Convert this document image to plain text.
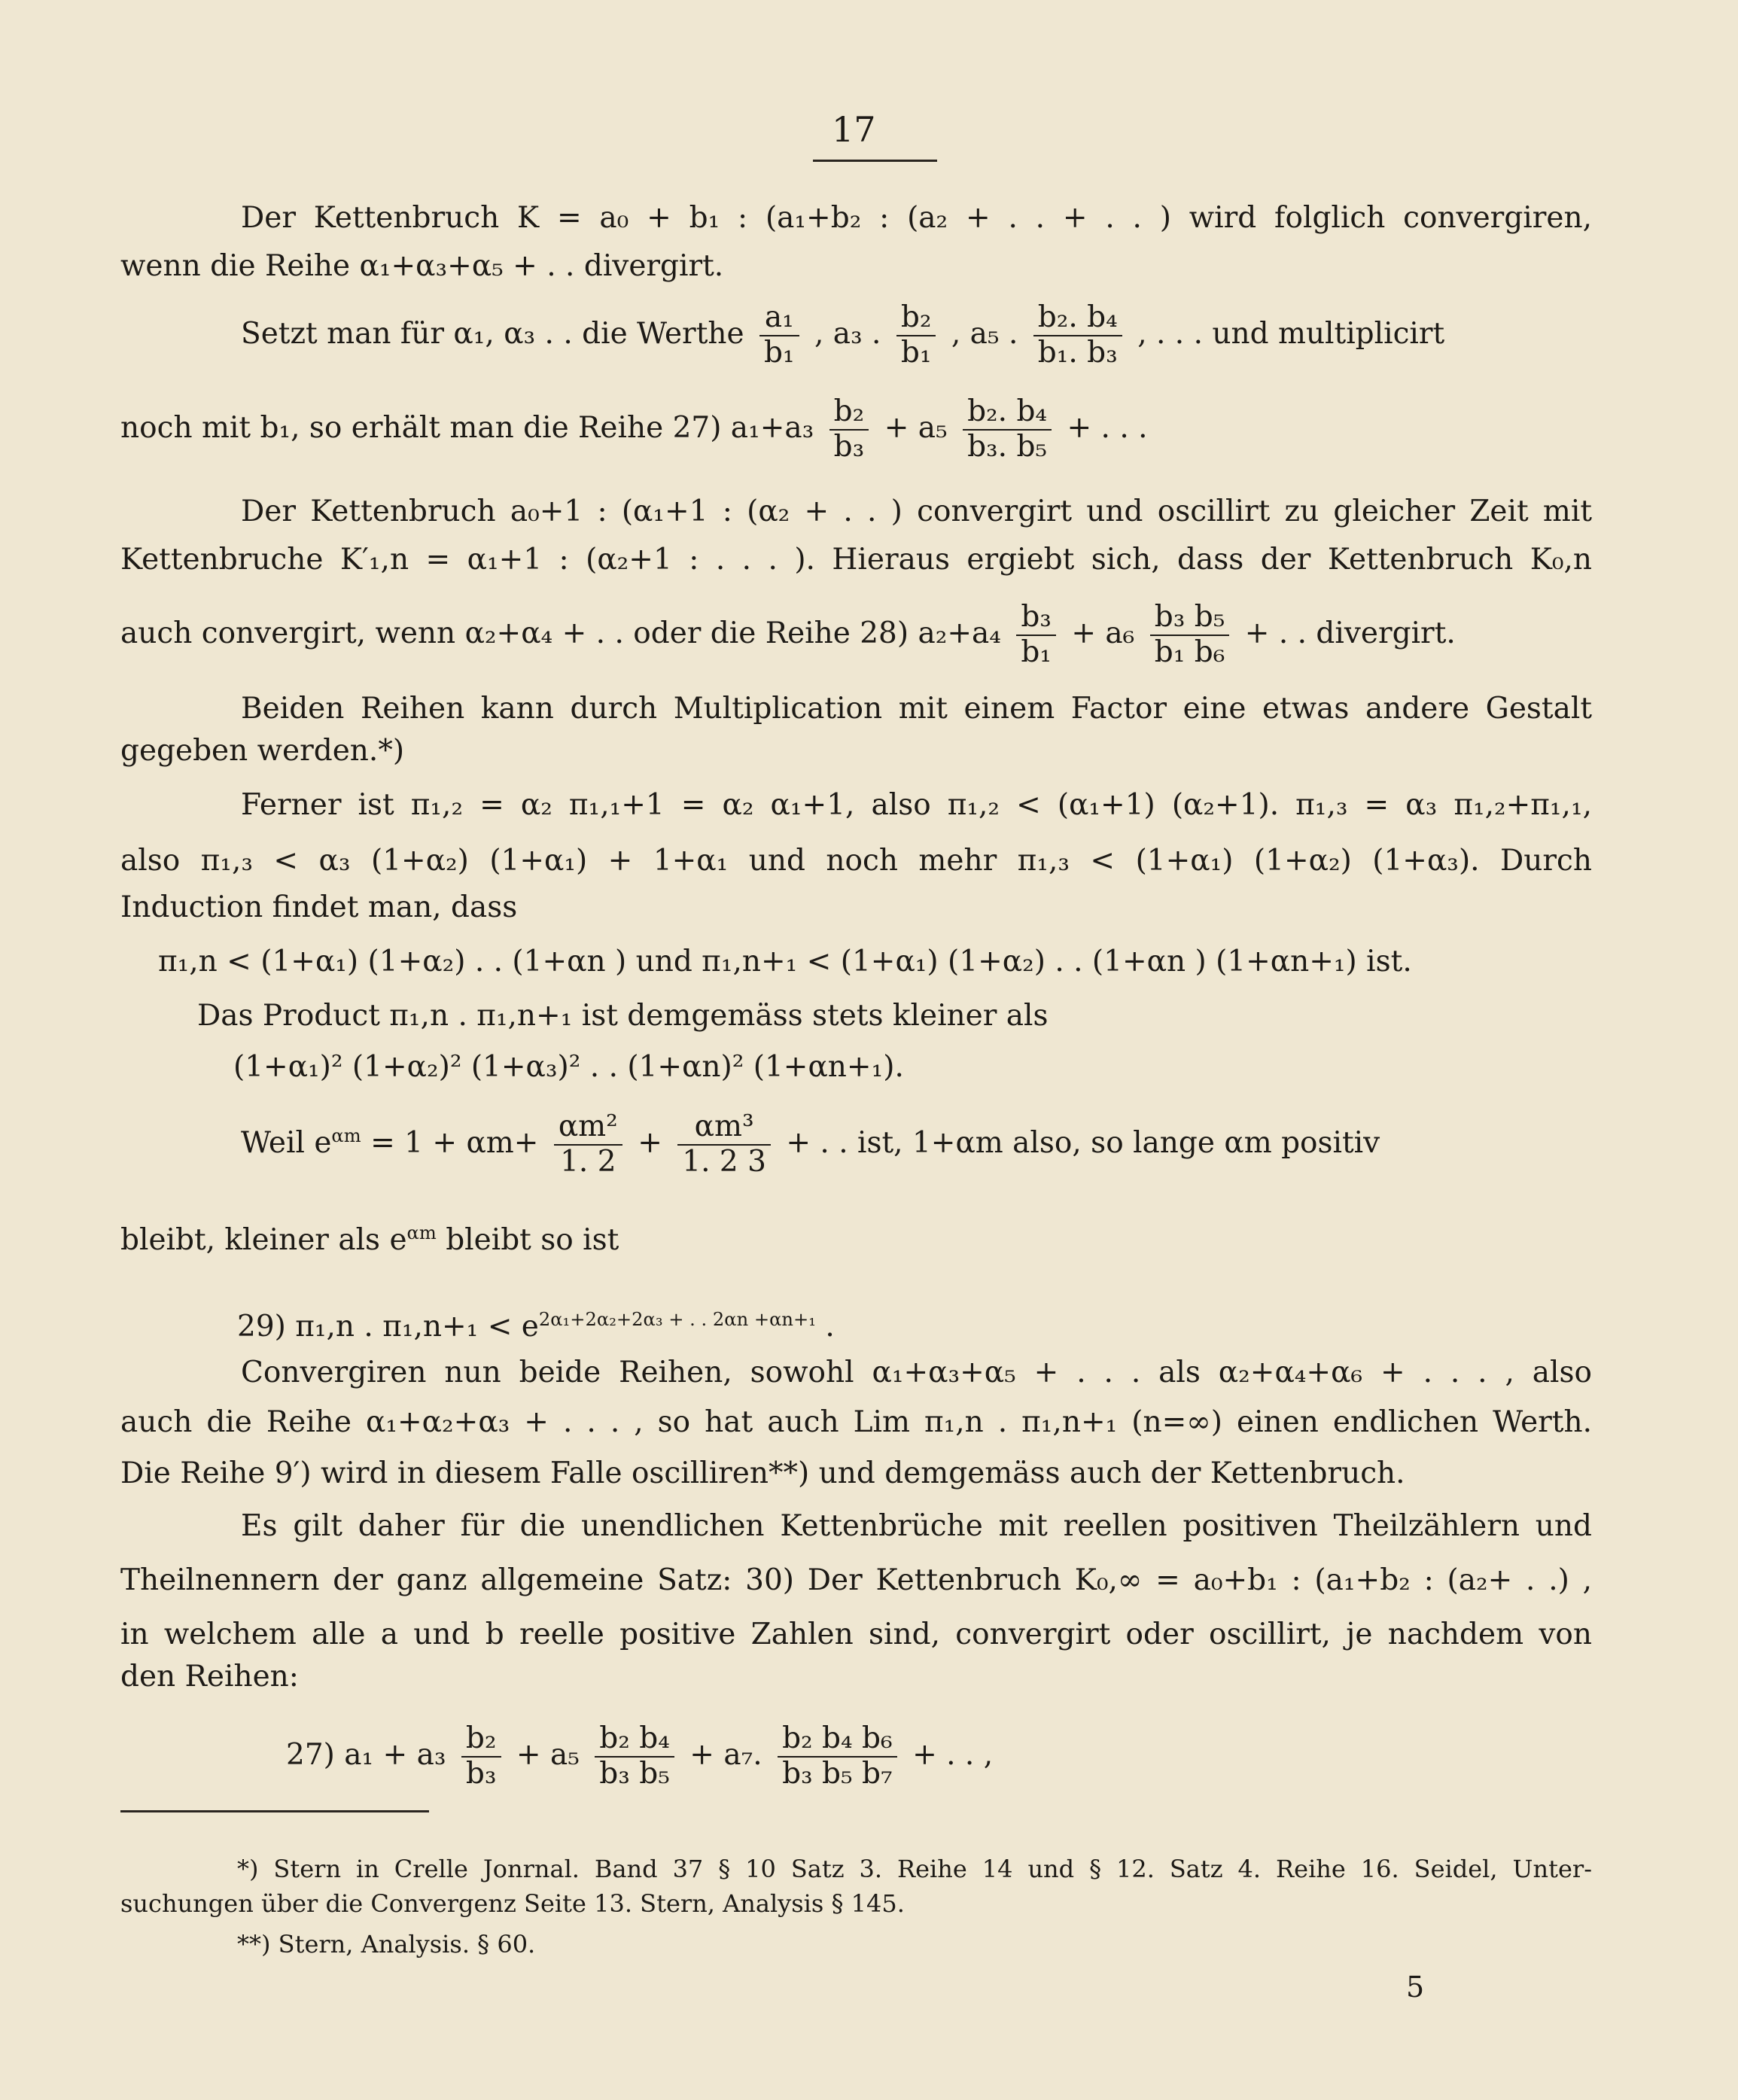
17
Der Kettenbruch K = a₀ + b₁ : (a₁+b₂ : (a₂ + . . + . . ) wird folglich convergiren,
wenn die Reihe α₁+α₃+α₅ + . . divergirt.
Setzt man für α₁, α₃ . . die Werthe $\frac{\text{a₁}}{\text{b₁}}$ , a₃ . $\frac{\text{b₂}}{\text{b₁}}$ , a₅ . $\frac{\text{b₂. b₄}}{\text{b₁. b₃}}$ , . . . und multiplicirt
noch mit b₁, so erhält man die Reihe 27) $a_1+a_3 \frac{\text{b₂}}{\text{b₃}} + a_5 \frac{\text{b₂. b₄}}{\text{b₃. b₅}}$ + . . .
Der Kettenbruch a₀+1 : (α₁+1 : (α₂ + . . ) convergirt und oscillirt zu gleicher Zeit mit
Kettenbruche K′₁,n = α₁+1 : (α₂+1 : . . . ). Hieraus ergiebt sich, dass der Kettenbruch K₀,n
auch convergirt, wenn α₂+α₄ + . . oder die Reihe 28) $a_2+a_4 \frac{\text{b₃}}{\text{b₁}} + a_6 \frac{\text{b₃ b₅}}{\text{b₁ b₆}}$ + . . divergirt.
Beiden Reihen kann durch Multiplication mit einem Factor eine etwas andere Gestalt
gegeben werden.*)
Ferner ist π₁,₂ = α₂ π₁,₁+1 = α₂ α₁+1, also π₁,₂ < (α₁+1) (α₂+1). π₁,₃ = α₃ π₁,₂+π₁,₁,
also π₁,₃ < α₃ (1+α₂) (1+α₁) + 1+α₁ und noch mehr π₁,₃ < (1+α₁) (1+α₂) (1+α₃). Durch
Induction findet man, dass
π₁,n < (1+α₁) (1+α₂) . . (1+αn ) und π₁,n+₁ < (1+α₁) (1+α₂) . . (1+αn ) (1+αn+₁) ist.
Das Product π₁,n . π₁,n+₁ ist demgemäss stets kleiner als
(1+α₁)² (1+α₂)² (1+α₃)² . . (1+αn)² (1+αn+₁).
Weil $e^{\alpha m} = 1 + \alpha m+ \frac{\text{αm²}}{1. 2} + \frac{\text{αm³}}{1. 2 3}$ + . . ist, 1+αm also, so lange αm positiv
bleibt, kleiner als $e^{\alpha m}$ bleibt so ist
29) π₁,n . $\pi_1,n+_1 < e^{2\alpha_1+2\alpha_2+2\alpha_3 + . . 2\alpha n +\alpha n+_1}$ .
Convergiren nun beide Reihen, sowohl α₁+α₃+α₅ + . . . als α₂+α₄+α₆ + . . . , also
auch die Reihe α₁+α₂+α₃ + . . . , so hat auch Lim π₁,n . π₁,n+₁ (n=∞) einen endlichen Werth.
Die Reihe 9′) wird in diesem Falle oscilliren**) und demgemäss auch der Kettenbruch.
Es gilt daher für die unendlichen Kettenbrüche mit reellen positiven Theilzählern und
Theilnennern der ganz allgemeine Satz: 30) Der Kettenbruch K₀,∞ = a₀+b₁ : (a₁+b₂ : (a₂+ . .) ,
in welchem alle a und b reelle positive Zahlen sind, convergirt oder oscillirt, je nachdem von
den Reihen:
27) $a_1 + a_3 \frac{\text{b₂}}{\text{b₃}} + a_5 \frac{\text{b₂ b₄}}{\text{b₃ b₅}} + a_7$. $\frac{\text{b₂ b₄ b₆}}{\text{b₃ b₅ b₇}}$ + . . ,
*) Stern in Crelle Jonrnal. Band 37 § 10 Satz 3. Reihe 14 und § 12. Satz 4. Reihe 16. Seidel, Unter-
suchungen über die Convergenz Seite 13. Stern, Analysis § 145.
**) Stern, Analysis. § 60.
5
